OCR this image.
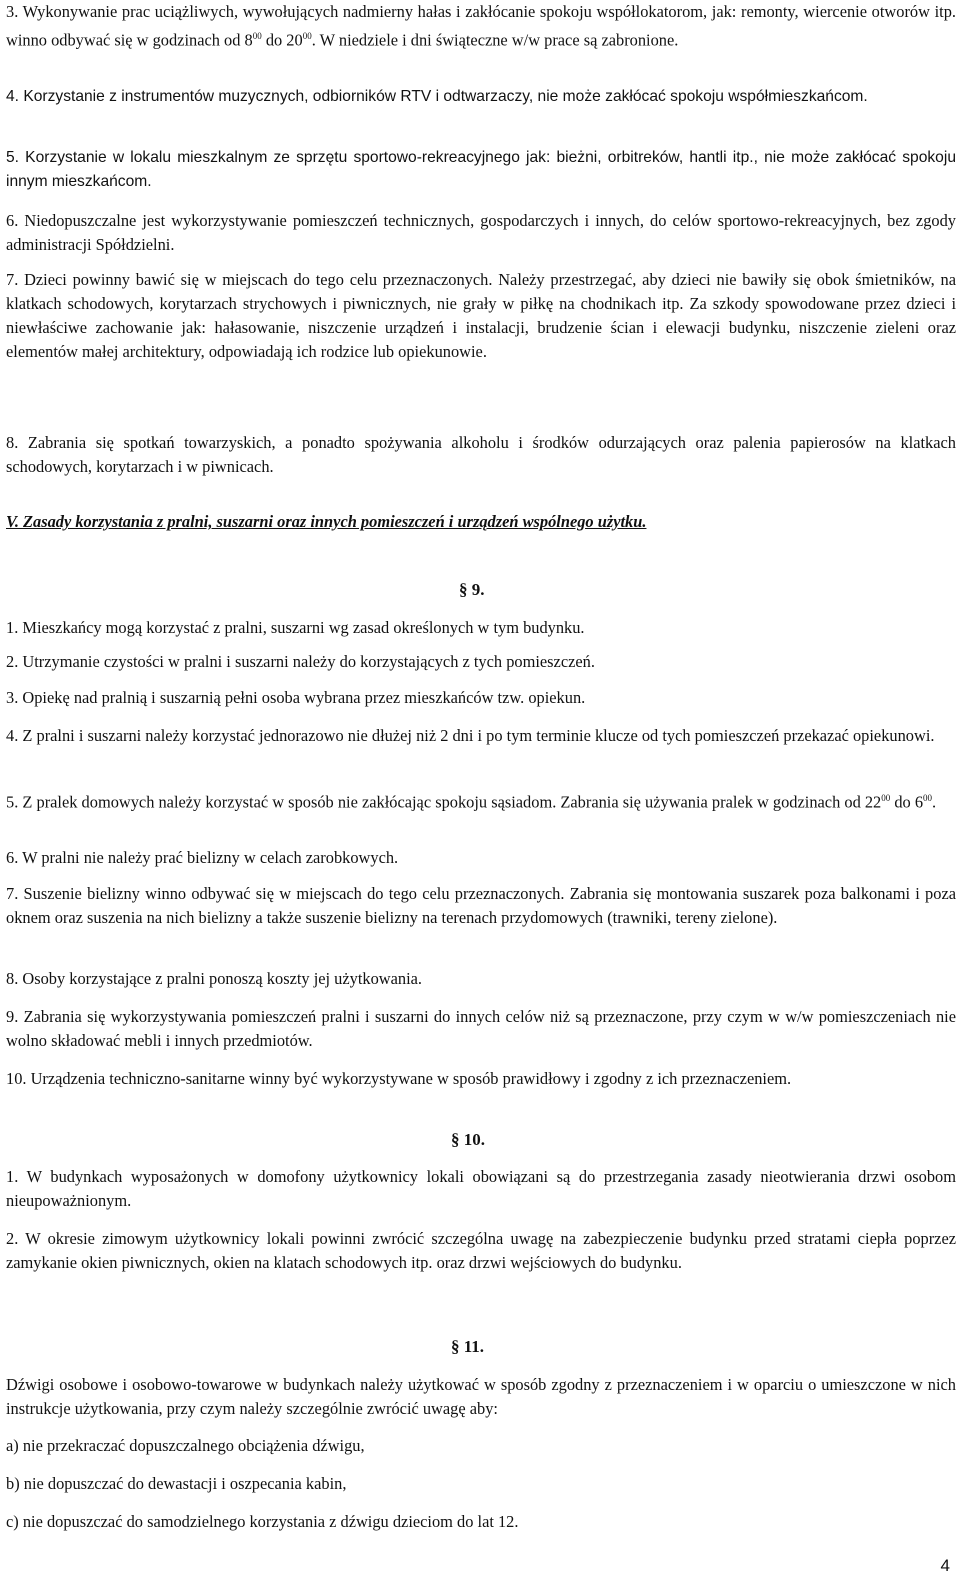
3. Wykonywanie prac uciążliwych, wywołujących nadmierny hałas i zakłócanie spokoju współlokatorom, jak: remonty, wiercenie otworów itp. winno odbywać się w godzinach od $8^{00}$ do $20^{00}$. W niedziele i dni świąteczne w/w prace są zabronione.

4. Korzystanie z instrumentów muzycznych, odbiorników RTV i odtwarzaczy, nie może zakłócać spokoju współmieszkańcom.

5. Korzystanie w lokalu mieszkalnym ze sprzętu sportowo-rekreacyjnego jak: bieżni, orbitreków, hantli itp., nie może zakłócać spokoju innym mieszkańcom.

6. Niedopuszczalne jest wykorzystywanie pomieszczeń technicznych, gospodarczych i innych, do celów sportowo-rekreacyjnych, bez zgody administracji Spółdzielni.

7. Dzieci powinny bawić się w miejscach do tego celu przeznaczonych. Należy przestrzegać, aby dzieci nie bawiły się obok śmietników, na klatkach schodowych, korytarzach strychowych i piwnicznych, nie grały w piłkę na chodnikach itp. Za szkody spowodowane przez dzieci i niewłaściwe zachowanie jak: hałasowanie, niszczenie urządzeń i instalacji, brudzenie ścian i elewacji budynku, niszczenie zieleni oraz elementów małej architektury, odpowiadają ich rodzice lub opiekunowie.

8. Zabrania się spotkań towarzyskich, a ponadto spożywania alkoholu i środków odurzających oraz palenia papierosów na klatkach schodowych, korytarzach i w piwnicach.

V. Zasady korzystania z pralni, suszarni oraz innych pomieszczeń i urządzeń wspólnego użytku.

§ 9.

1. Mieszkańcy mogą korzystać z pralni, suszarni wg zasad określonych w tym budynku.

2. Utrzymanie czystości w pralni i suszarni należy do korzystających z tych pomieszczeń.

3. Opiekę nad pralnią i suszarnią pełni osoba wybrana przez mieszkańców tzw. opiekun.

4. Z pralni i suszarni należy korzystać jednorazowo nie dłużej niż 2 dni i po tym terminie klucze od tych pomieszczeń przekazać opiekunowi.

5. Z pralek domowych należy korzystać w sposób nie zakłócając spokoju sąsiadom. Zabrania się używania pralek w godzinach od $22^{00}$ do $6^{00}$.

6. W pralni nie należy prać bielizny w celach zarobkowych.

7. Suszenie bielizny winno odbywać się w miejscach do tego celu przeznaczonych. Zabrania się montowania suszarek poza balkonami i poza oknem oraz suszenia na nich bielizny a także suszenie bielizny na terenach przydomowych (trawniki, tereny zielone).

8. Osoby korzystające z pralni ponoszą koszty jej użytkowania.

9. Zabrania się wykorzystywania pomieszczeń pralni i suszarni do innych celów niż są przeznaczone, przy czym w w/w pomieszczeniach nie wolno składować mebli i innych przedmiotów.

10. Urządzenia techniczno-sanitarne winny być wykorzystywane w sposób prawidłowy i zgodny z ich przeznaczeniem.

§ 10.

1. W budynkach wyposażonych w domofony użytkownicy lokali obowiązani są do przestrzegania zasady nieotwierania drzwi osobom nieupoważnionym.

2. W okresie zimowym użytkownicy lokali powinni zwrócić szczególna uwagę na zabezpieczenie budynku przed stratami ciepła poprzez zamykanie okien piwnicznych, okien na klatach schodowych itp. oraz drzwi wejściowych do budynku.

§ 11.

Dźwigi osobowe i osobowo-towarowe w budynkach należy użytkować w sposób zgodny z przeznaczeniem i w oparciu o umieszczone w nich instrukcje użytkowania, przy czym należy szczególnie zwrócić uwagę aby:

a) nie przekraczać dopuszczalnego obciążenia dźwigu,

b) nie dopuszczać do dewastacji i oszpecania kabin,

c) nie dopuszczać do samodzielnego korzystania z dźwigu dzieciom do lat 12.

4
